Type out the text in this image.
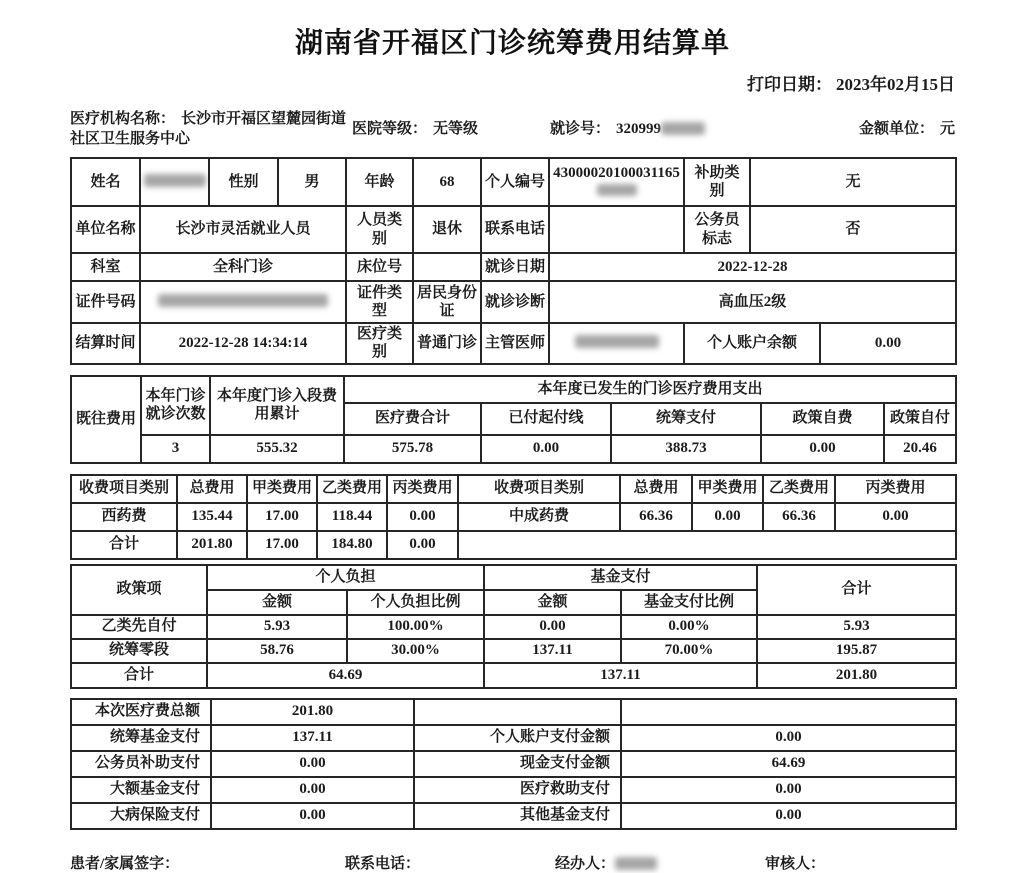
湖南省开福区门诊统筹费用结算单
打印日期： 2023年02月15日
医疗机构名称： 长沙市开福区望麓园街道社区卫生服务中心
医院等级： 无等级	就诊号： 320999	金额单位： 元
姓名		性别	男	年龄	68	个人编号	43000020100031165	补助类别	无	
单位名称	长沙市灵活就业人员			人员类别	退休	联系电话		公务员标志	否	
科室	全科门诊			床位号		就诊日期	2022-12-28			
证件号码				证件类型	居民身份证	就诊诊断	高血压2级			
结算时间	2022-12-28 14:34:14			医疗类别	普通门诊	主管医师		个人账户余额		0.00
既往费用	本年门诊就诊次数	本年度门诊入段费用累计	本年度已发生的门诊医疗费用支出				
			医疗费合计	已付起付线	统筹支付	政策自费	政策自付
	3	555.32	575.78	0.00	388.73	0.00	20.46
收费项目类别	总费用	甲类费用	乙类费用	丙类费用	收费项目类别	总费用	甲类费用	乙类费用	丙类费用
西药费	135.44	17.00	118.44	0.00	中成药费	66.36	0.00	66.36	0.00
合计	201.80	17.00	184.80	0.00					
政策项	个人负担		基金支付		合计
	金额	个人负担比例	金额	基金支付比例	
乙类先自付	5.93	100.00%	0.00	0.00%	5.93
统筹零段	58.76	30.00%	137.11	70.00%	195.87
合计	64.69		137.11		201.80
本次医疗费总额	201.80		
统筹基金支付	137.11	个人账户支付金额	0.00
公务员补助支付	0.00	现金支付金额	64.69
大额基金支付	0.00	医疗救助支付	0.00
大病保险支付	0.00	其他基金支付	0.00
患者/家属签字：	联系电话：	经办人：	审核人：
